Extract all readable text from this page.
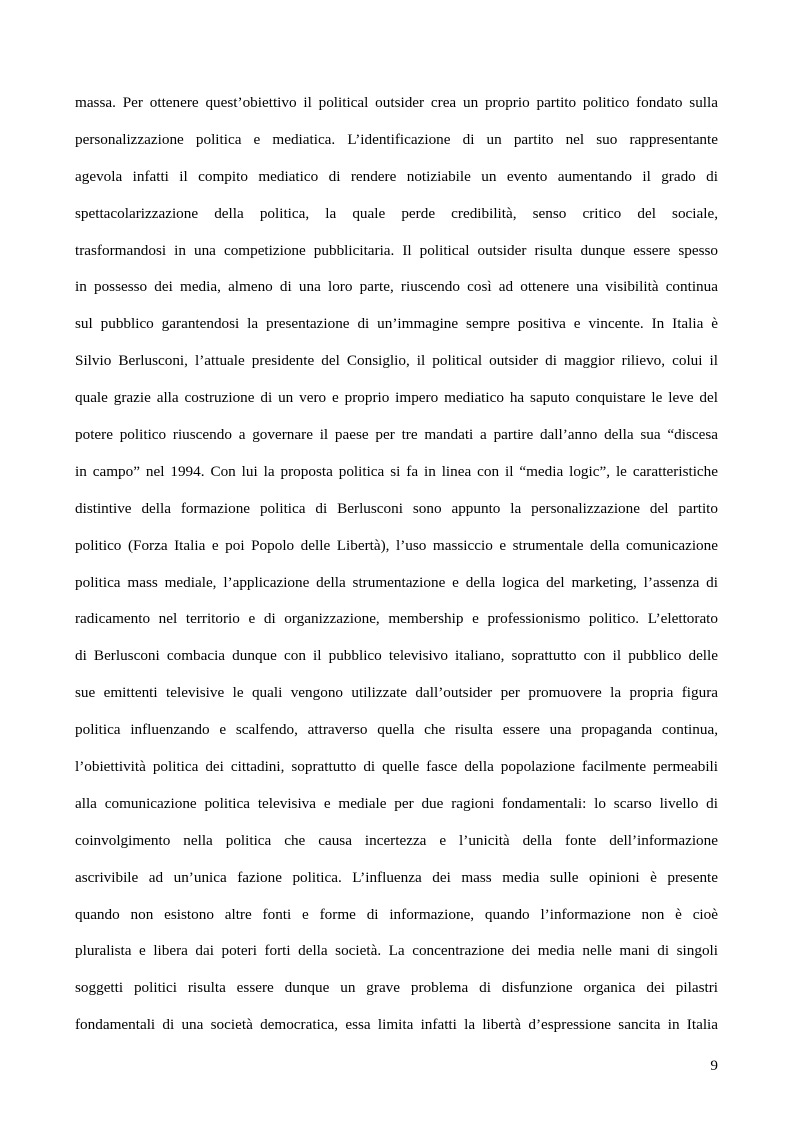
massa. Per ottenere quest’obiettivo il political outsider crea un proprio partito politico fondato sulla
personalizzazione politica e mediatica. L’identificazione di un partito nel suo rappresentante
agevola infatti il compito mediatico di rendere notiziabile un evento aumentando il grado di
spettacolarizzazione della politica, la quale perde credibilità, senso critico del sociale,
trasformandosi in una competizione pubblicitaria. Il political outsider risulta dunque essere spesso
in possesso dei media, almeno di una loro parte, riuscendo così ad ottenere una visibilità continua
sul pubblico garantendosi la presentazione di un’immagine sempre positiva e vincente. In Italia è
Silvio Berlusconi, l’attuale presidente del Consiglio, il political outsider di maggior rilievo, colui il
quale grazie alla costruzione di un vero e proprio impero mediatico ha saputo conquistare le leve del
potere politico riuscendo a governare il paese per tre mandati a partire dall’anno della sua “discesa
in campo” nel 1994. Con lui la proposta politica si fa in linea con il “media logic”, le caratteristiche
distintive della formazione politica di Berlusconi sono appunto la personalizzazione del partito
politico (Forza Italia e poi Popolo delle Libertà), l’uso massiccio e strumentale della comunicazione
politica mass mediale, l’applicazione della strumentazione e della logica del marketing, l’assenza di
radicamento nel territorio e di organizzazione, membership e professionismo politico. L’elettorato
di Berlusconi combacia dunque con il pubblico televisivo italiano, soprattutto con il pubblico delle
sue emittenti televisive le quali vengono utilizzate dall’outsider per promuovere la propria figura
politica influenzando e scalfendo, attraverso quella che risulta essere una propaganda continua,
l’obiettività politica dei cittadini, soprattutto di quelle fasce della popolazione facilmente permeabili
alla comunicazione politica televisiva e mediale per due ragioni fondamentali: lo scarso livello di
coinvolgimento nella politica che causa incertezza e l’unicità della fonte dell’informazione
ascrivibile ad un’unica fazione politica. L’influenza dei mass media sulle opinioni è presente
quando non esistono altre fonti e forme di informazione, quando l’informazione non è cioè
pluralista e libera dai poteri forti della società. La concentrazione dei media nelle mani di singoli
soggetti politici risulta essere dunque un grave problema di disfunzione organica dei pilastri
fondamentali di una società democratica, essa limita infatti la libertà d’espressione sancita in Italia
9
